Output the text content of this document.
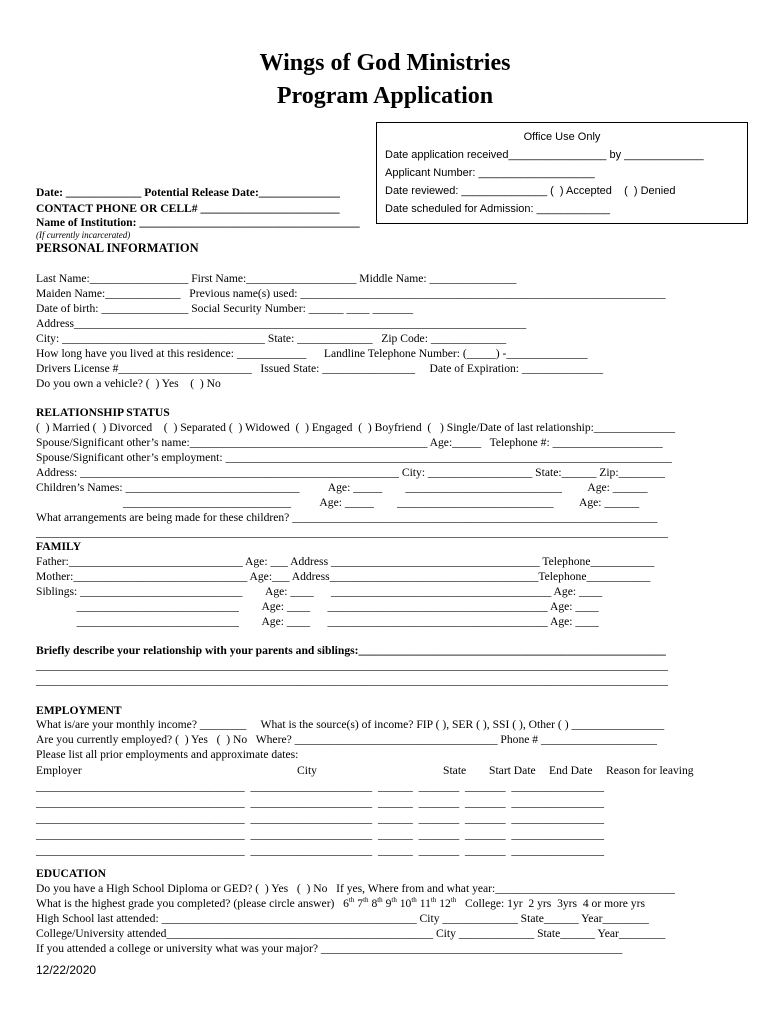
Wings of God Ministries
Program Application
Office Use Only
Date application received________________ by _____________
Applicant Number: ___________________
Date reviewed: ______________ (  ) Accepted    (  ) Denied
Date scheduled for Admission: ____________
Date: _____________ Potential Release Date:______________
CONTACT PHONE OR CELL# ________________________
Name of Institution: ______________________________________
(If currently incarcerated)
PERSONAL INFORMATION
Last Name:_________________ First Name:___________________ Middle Name: _______________
Maiden Name:_____________   Previous name(s) used: _______________________________________________________________
Date of birth: _______________ Social Security Number: ______ ____ _______
Address______________________________________________________________________________
City: ___________________________________ State: _____________   Zip Code: _____________
How long have you lived at this residence: ____________      Landline Telephone Number: (_____) -______________
Drivers License #_______________________   Issued State: ________________     Date of Expiration: ______________
Do you own a vehicle? (  ) Yes    (  ) No
RELATIONSHIP STATUS
(  ) Married (  ) Divorced    (  ) Separated (  ) Widowed  (  ) Engaged  (  ) Boyfriend  (   ) Single/Date of last relationship:______________
Spouse/Significant other’s name:_________________________________________ Age:_____   Telephone #: ___________________
Spouse/Significant other’s employment: _____________________________________________________________________________
Address: _______________________________________________________ City: __________________ State:______ Zip:________
Children’s Names: ______________________________          Age: _____        ___________________________         Age: ______
_____________________________          Age: _____        ___________________________         Age: ______
What arrangements are being made for these children? _______________________________________________________________
_____________________________________________________________________________________________________________
FAMILY
Father:______________________________ Age: ___ Address ____________________________________ Telephone___________
Mother:______________________________ Age:___ Address____________________________________Telephone___________
Siblings: ____________________________        Age: ____      ______________________________________ Age: ____
____________________________        Age: ____      ______________________________________ Age: ____
____________________________        Age: ____      ______________________________________ Age: ____
Briefly describe your relationship with your parents and siblings:_____________________________________________________
_____________________________________________________________________________________________________________
_____________________________________________________________________________________________________________
EMPLOYMENT
What is/are your monthly income? ________     What is the source(s) of income? FIP ( ), SER ( ), SSI ( ), Other ( ) ________________
Are you currently employed? (  ) Yes   (  ) No   Where? ___________________________________ Phone # ____________________
Please list all prior employments and approximate dates:
Employer	City	State Start Date End Date Reason for leaving
____________________________________  _____________________  ______  _______  _______  ________________
____________________________________  _____________________  ______  _______  _______  ________________
____________________________________  _____________________  ______  _______  _______  ________________
____________________________________  _____________________  ______  _______  _______  ________________
____________________________________  _____________________  ______  _______  _______  ________________
EDUCATION
Do you have a High School Diploma or GED? (  ) Yes   (  ) No   If yes, Where from and what year:_______________________________
What is the highest grade you completed? (please circle answer) 6th 7th 8th 9th 10th 11th 12th College: 1yr  2 yrs  3yrs  4 or more yrs
High School last attended: ____________________________________________ City _____________ State______ Year________
College/University attended______________________________________________ City _____________ State______ Year________
If you attended a college or university what was your major? ____________________________________________________
12/22/2020
